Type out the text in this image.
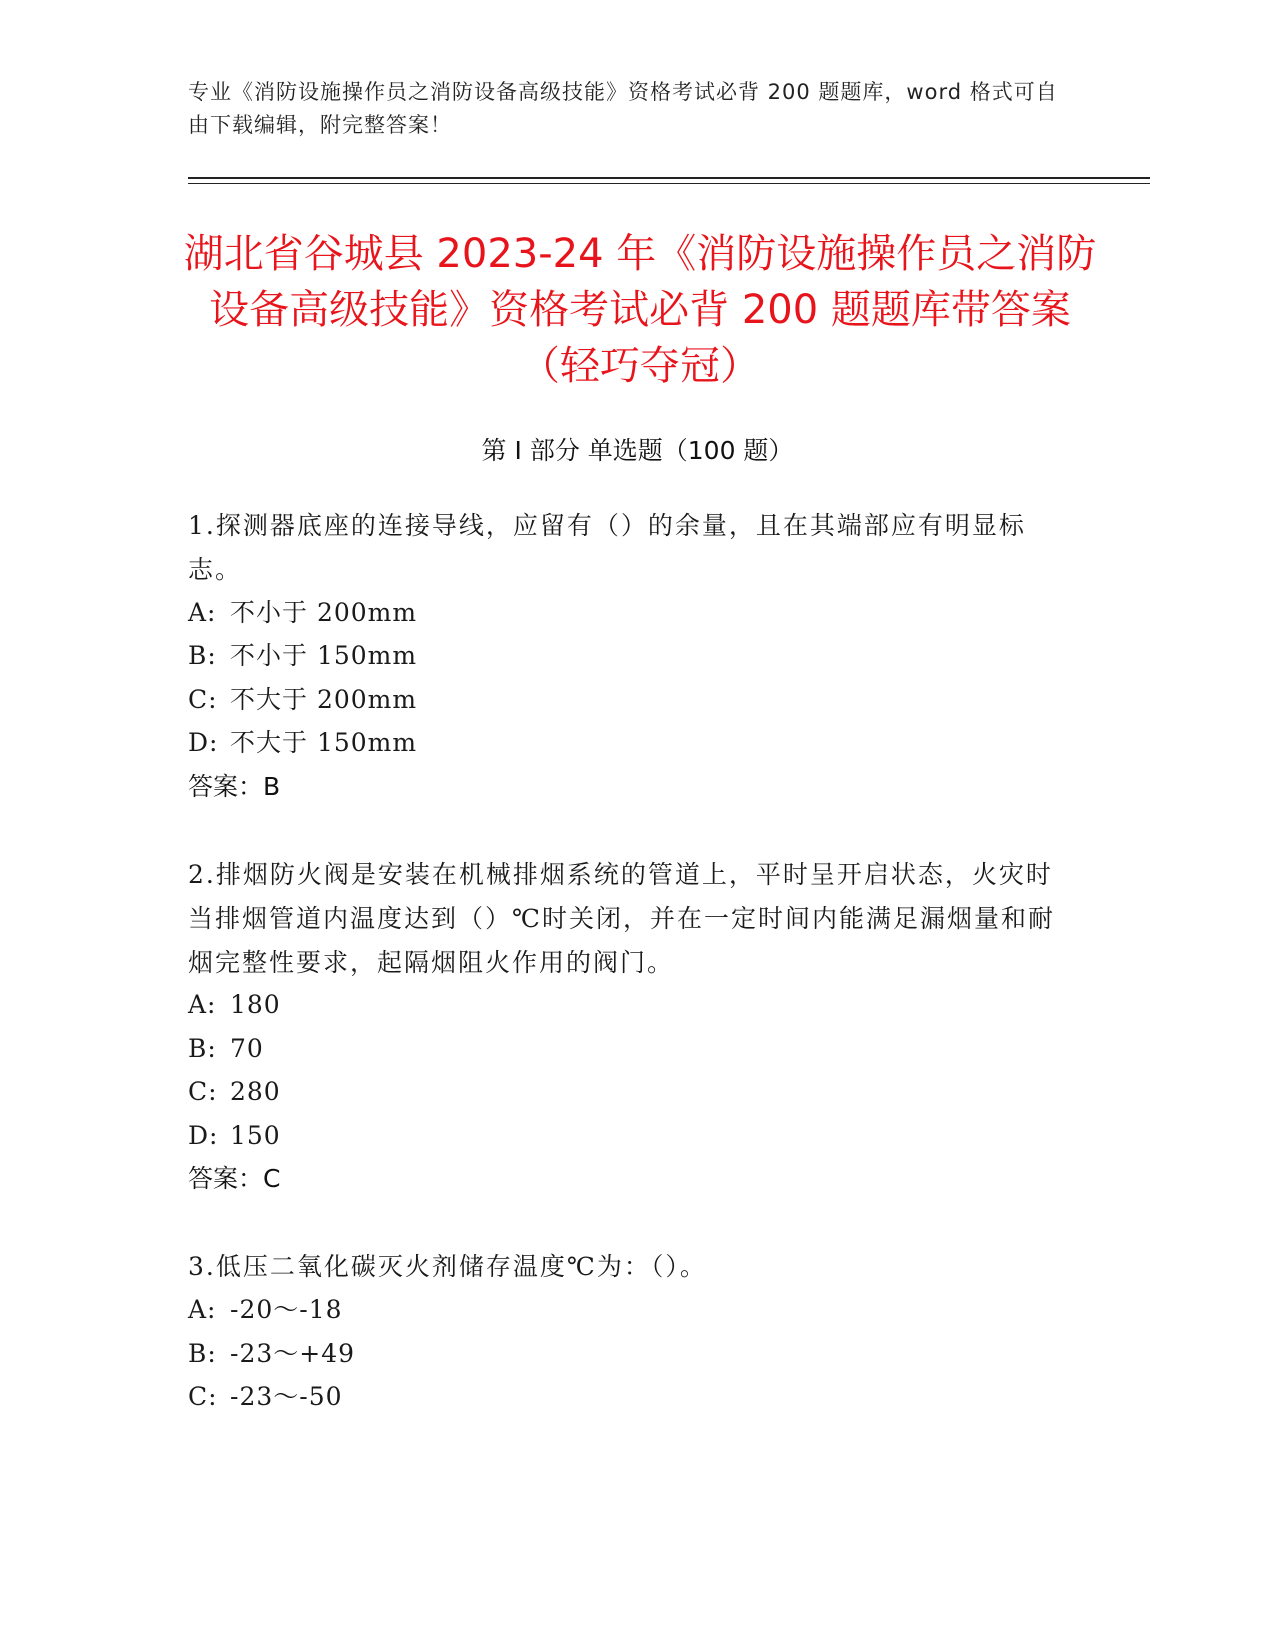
专业《消防设施操作员之消防设备高级技能》资格考试必背 200 题题库，word 格式可自由下载编辑，附完整答案！
湖北省谷城县 2023-24 年《消防设施操作员之消防设备高级技能》资格考试必背 200 题题库带答案（轻巧夺冠）
第 I 部分 单选题（100 题）
1.探测器底座的连接导线，应留有（）的余量，且在其端部应有明显标志。
A: 不小于 200mm
B: 不小于 150mm
C: 不大于 200mm
D: 不大于 150mm
答案：B
2.排烟防火阀是安装在机械排烟系统的管道上，平时呈开启状态，火灾时当排烟管道内温度达到（）℃时关闭，并在一定时间内能满足漏烟量和耐烟完整性要求，起隔烟阻火作用的阀门。
A: 180
B: 70
C: 280
D: 150
答案：C
3.低压二氧化碳灭火剂储存温度℃为：（）。
A: -20～-18
B: -23～+49
C: -23～-50
